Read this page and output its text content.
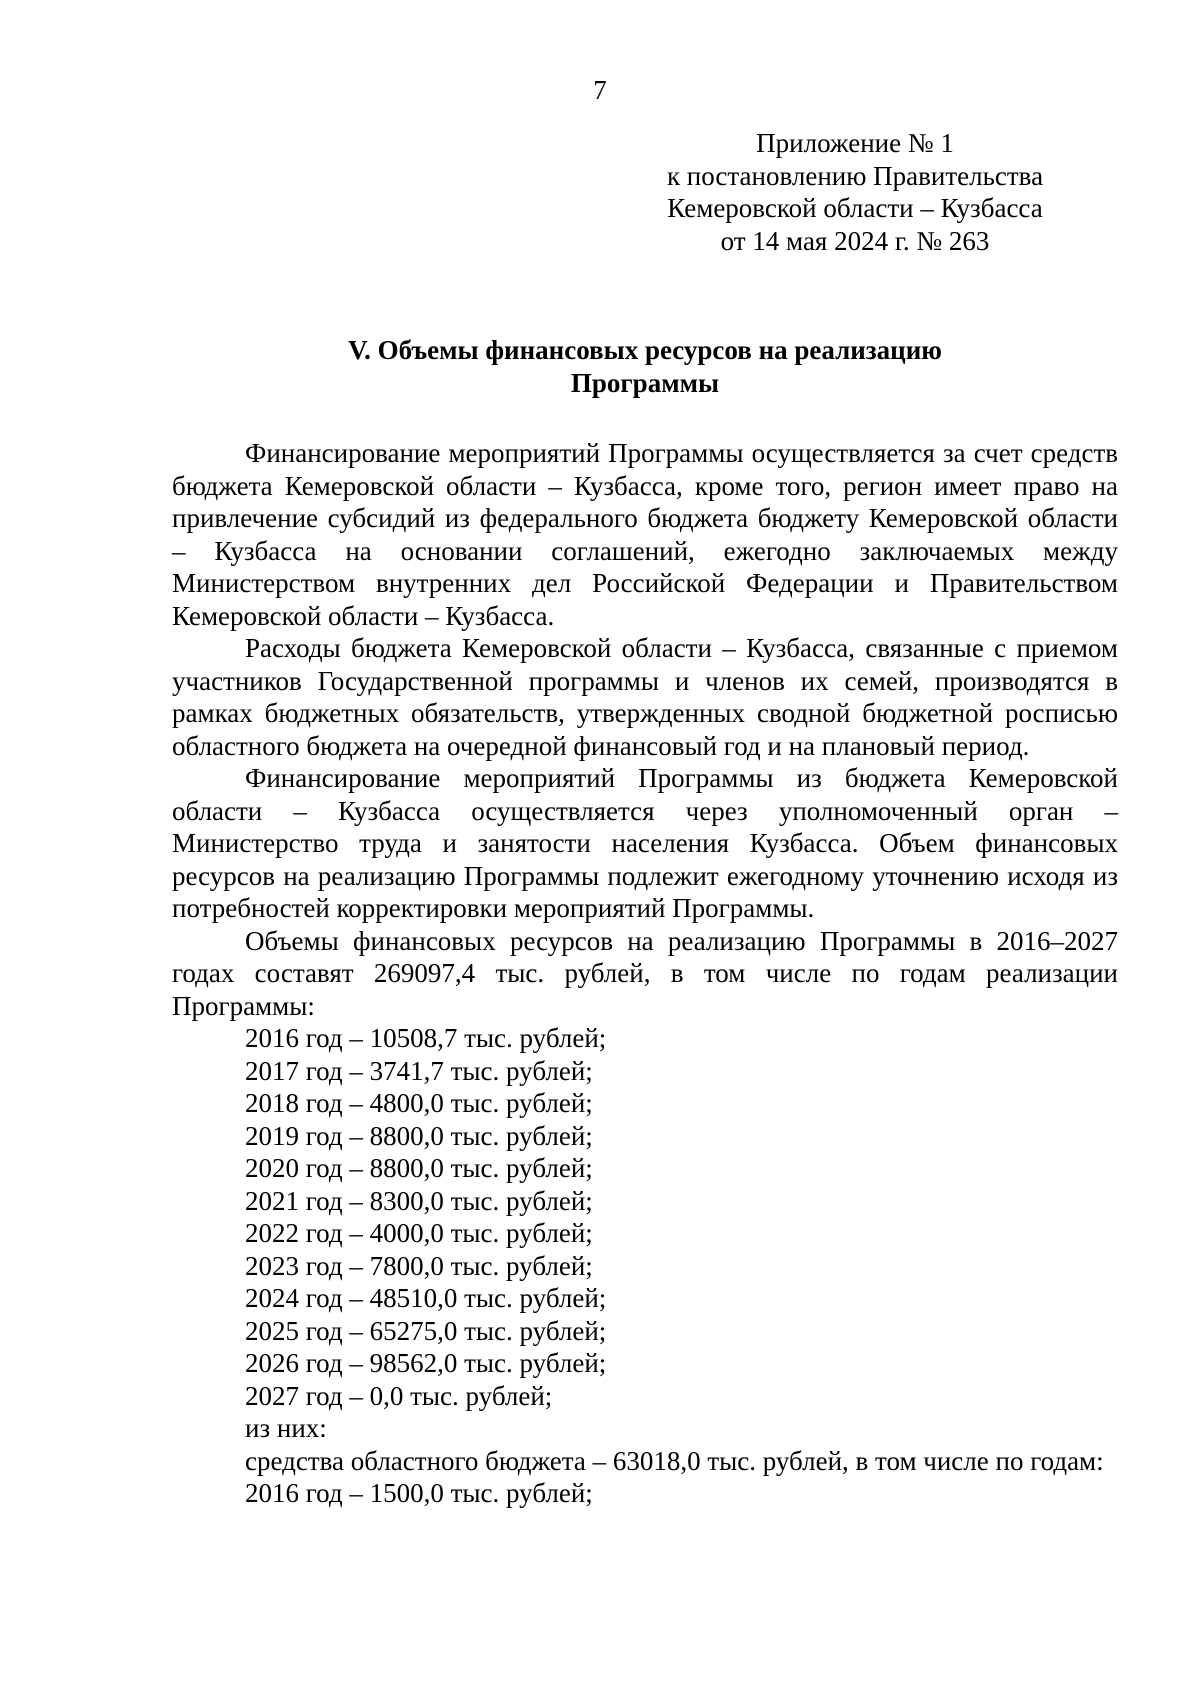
7
Приложение № 1
к постановлению Правительства
Кемеровской области – Кузбасса
от 14 мая 2024 г. № 263
V. Объемы финансовых ресурсов на реализацию
Программы

Финансирование мероприятий Программы осуществляется за счет средств бюджета Кемеровской области – Кузбасса, кроме того, регион имеет право на привлечение субсидий из федерального бюджета бюджету Кемеровской области – Кузбасса на основании соглашений, ежегодно заключаемых между Министерством внутренних дел Российской Федерации и Правительством Кемеровской области – Кузбасса.

Расходы бюджета Кемеровской области – Кузбасса, связанные с приемом участников Государственной программы и членов их семей, производятся в рамках бюджетных обязательств, утвержденных сводной бюджетной росписью областного бюджета на очередной финансовый год и на плановый период.

Финансирование мероприятий Программы из бюджета Кемеровской области – Кузбасса осуществляется через уполномоченный орган – Министерство труда и занятости населения Кузбасса. Объем финансовых ресурсов на реализацию Программы подлежит ежегодному уточнению исходя из потребностей корректировки мероприятий Программы.

Объемы финансовых ресурсов на реализацию Программы в 2016–2027 годах составят 269097,4 тыс. рублей, в том числе по годам реализации Программы:

2016 год – 10508,7 тыс. рублей;

2017 год – 3741,7 тыс. рублей;

2018 год – 4800,0 тыс. рублей;

2019 год – 8800,0 тыс. рублей;

2020 год – 8800,0 тыс. рублей;

2021 год – 8300,0 тыс. рублей;

2022 год – 4000,0 тыс. рублей;

2023 год – 7800,0 тыс. рублей;

2024 год – 48510,0 тыс. рублей;

2025 год – 65275,0 тыс. рублей;

2026 год – 98562,0 тыс. рублей;

2027 год – 0,0 тыс. рублей;

из них:

средства областного бюджета – 63018,0 тыс. рублей, в том числе по годам:

2016 год – 1500,0 тыс. рублей;
